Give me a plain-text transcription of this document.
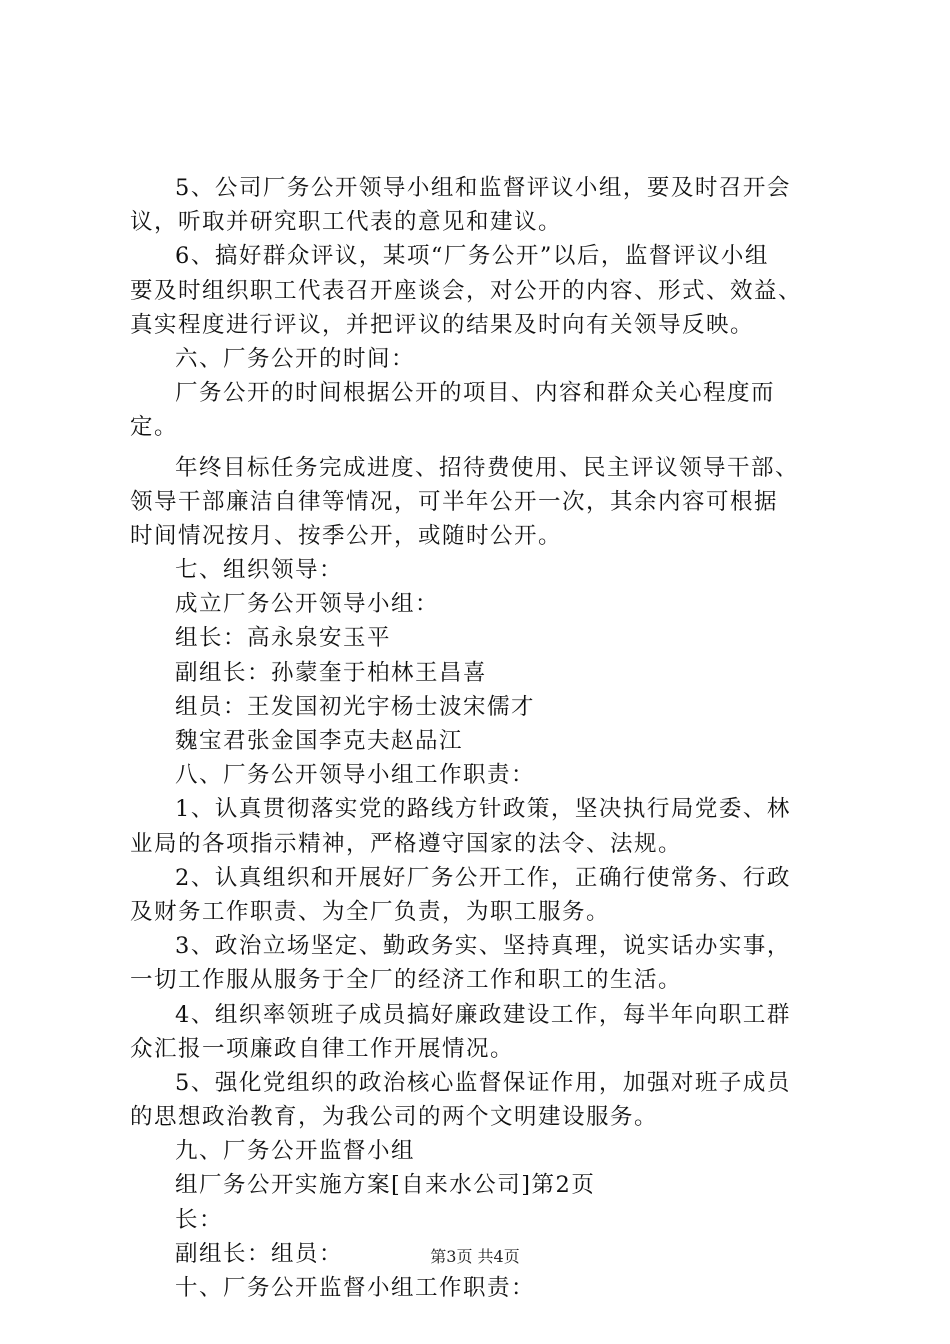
5、公司厂务公开领导小组和监督评议小组，要及时召开会
议，听取并研究职工代表的意见和建议。
6、搞好群众评议，某项“厂务公开”以后，监督评议小组
要及时组织职工代表召开座谈会，对公开的内容、形式、效益、
真实程度进行评议，并把评议的结果及时向有关领导反映。
六、厂务公开的时间：
厂务公开的时间根据公开的项目、内容和群众关心程度而
定。
年终目标任务完成进度、招待费使用、民主评议领导干部、
领导干部廉洁自律等情况，可半年公开一次，其余内容可根据
时间情况按月、按季公开，或随时公开。
七、组织领导：
成立厂务公开领导小组：
组长：高永泉安玉平
副组长：孙蒙奎于柏林王昌喜
组员：王发国初光宇杨士波宋儒才
魏宝君张金国李克夫赵品江
八、厂务公开领导小组工作职责：
1、认真贯彻落实党的路线方针政策，坚决执行局党委、林
业局的各项指示精神，严格遵守国家的法令、法规。
2、认真组织和开展好厂务公开工作，正确行使常务、行政
及财务工作职责、为全厂负责，为职工服务。
3、政治立场坚定、勤政务实、坚持真理，说实话办实事，
一切工作服从服务于全厂的经济工作和职工的生活。
4、组织率领班子成员搞好廉政建设工作，每半年向职工群
众汇报一项廉政自律工作开展情况。
5、强化党组织的政治核心监督保证作用，加强对班子成员
的思想政治教育，为我公司的两个文明建设服务。
九、厂务公开监督小组
组厂务公开实施方案[自来水公司]第2页
长：
副组长：组员：
十、厂务公开监督小组工作职责：
第3页 共4页
